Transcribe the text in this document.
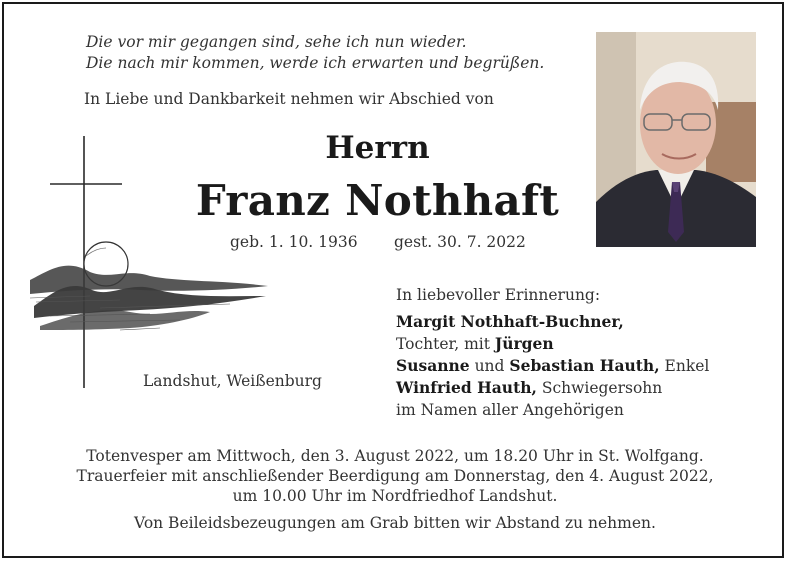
Die vor mir gegangen sind, sehe ich nun wieder.
Die nach mir kommen, werde ich erwarten und begrüßen.
In Liebe und Dankbarkeit nehmen wir Abschied von
Herrn
Franz Nothhaft
geb. 1. 10. 1936 gest. 30. 7. 2022
Landshut, Weißenburg
In liebevoller Erinnerung:
Margit Nothhaft-Buchner,
Tochter, mit Jürgen
Susanne und Sebastian Hauth, Enkel
Winfried Hauth, Schwiegersohn
im Namen aller Angehörigen
Totenvesper am Mittwoch, den 3. August 2022, um 18.20 Uhr in St. Wolfgang.
Trauerfeier mit anschließender Beerdigung am Donnerstag, den 4. August 2022,
um 10.00 Uhr im Nordfriedhof Landshut.
Von Beileidsbezeugungen am Grab bitten wir Abstand zu nehmen.
